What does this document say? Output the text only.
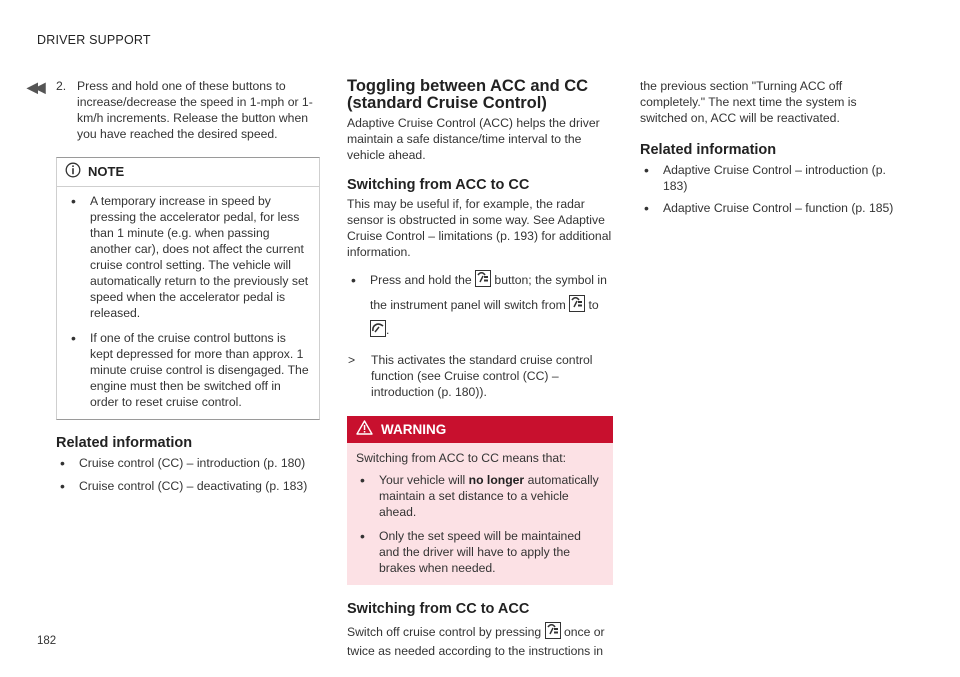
DRIVER SUPPORT
◀◀
182
2. Press and hold one of these buttons to increase/decrease the speed in 1-mph or 1-km/h increments. Release the button when you have reached the desired speed.

NOTE
• A temporary increase in speed by pressing the accelerator pedal, for less than 1 minute (e.g. when passing another car), does not affect the current cruise control setting. The vehicle will automatically return to the previously set speed when the accelerator pedal is released.
• If one of the cruise control buttons is kept depressed for more than approx. 1 minute cruise control is disengaged. The engine must then be switched off in order to reset cruise control.
Related information
• Cruise control (CC) – introduction (p. 180)
• Cruise control (CC) – deactivating (p. 183)
Toggling between ACC and CC (standard Cruise Control)

Adaptive Cruise Control (ACC) helps the driver maintain a safe distance/time interval to the vehicle ahead.

Switching from ACC to CC

This may be useful if, for example, the radar sensor is obstructed in some way. See Adaptive Cruise Control – limitations (p. 193) for additional information.

• Press and hold the button; the symbol in the instrument panel will switch from to
.
>	This activates the standard cruise control function (see Cruise control (CC) – introduction (p. 180)).

WARNING

Switching from ACC to CC means that:

• Your vehicle will no longer automatically maintain a set distance to a vehicle ahead.
• Only the set speed will be maintained and the driver will have to apply the brakes when needed.
Switching from CC to ACC

Switch off cruise control by pressing once or twice as needed according to the instructions in

the previous section "Turning ACC off completely." The next time the system is switched on, ACC will be reactivated.

Related information
• Adaptive Cruise Control – introduction (p. 183)
• Adaptive Cruise Control – function (p. 185)
